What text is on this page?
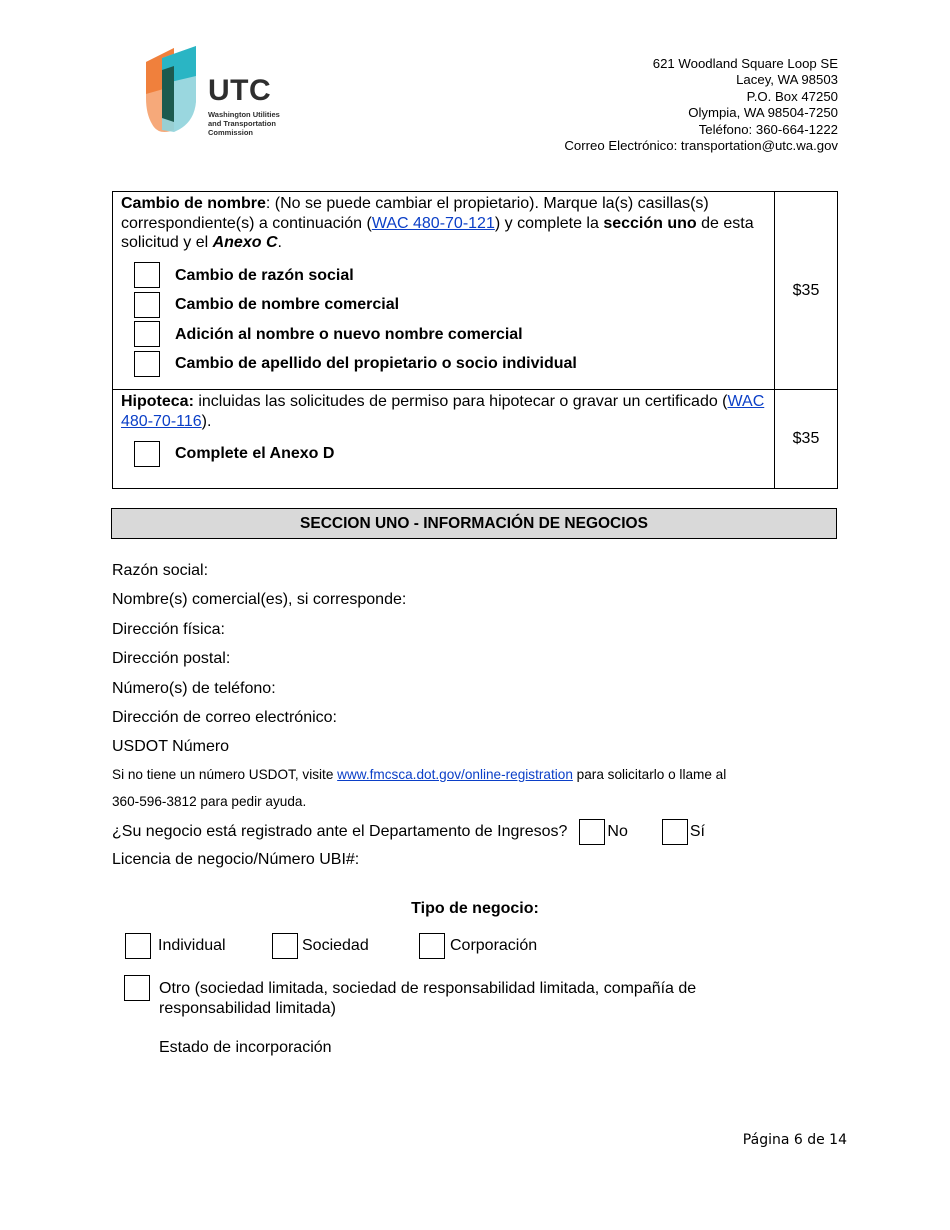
UTC
Washington Utilities
and Transportation
Commission
621 Woodland Square Loop SE
Lacey, WA 98503
P.O. Box 47250
Olympia, WA 98504-7250
Teléfono: 360-664-1222
Correo Electrónico: transportation@utc.wa.gov
Cambio de nombre: (No se puede cambiar el propietario). Marque la(s) casillas(s) correspondiente(s) a continuación (WAC 480-70-121) y complete la sección uno de esta solicitud y el Anexo C.
Cambio de razón social
Cambio de nombre comercial
Adición al nombre o nuevo nombre comercial
Cambio de apellido del propietario o socio individual	$35

Hipoteca: incluidas las solicitudes de permiso para hipotecar o gravar un certificado (WAC 480-70-116).
Complete el Anexo D	$35
SECCION UNO - INFORMACIÓN DE NEGOCIOS
Razón social:
Nombre(s) comercial(es), si corresponde:
Dirección física:
Dirección postal:
Número(s) de teléfono:
Dirección de correo electrónico:
USDOT Número
Si no tiene un número USDOT, visite www.fmcsca.dot.gov/online-registration para solicitarlo o llame al
360-596-3812 para pedir ayuda.
¿Su negocio está registrado ante el Departamento de Ingresos?	No	Sí
Licencia de negocio/Número UBI#:
Tipo de negocio:
Individual	Sociedad	Corporación
Otro (sociedad limitada, sociedad de responsabilidad limitada, compañía de responsabilidad limitada)
Estado de incorporación
Página 6 de 14
